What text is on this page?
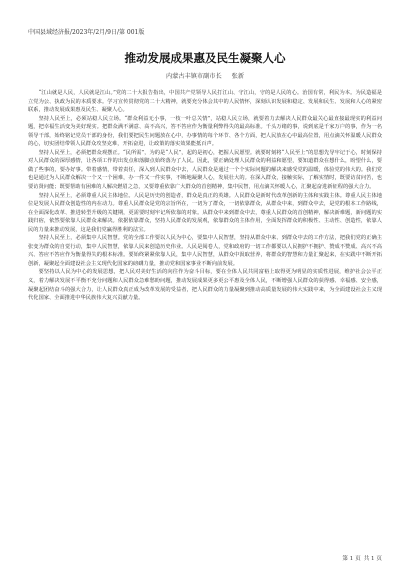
中国县域经济报/2023年/2月/9日/第 001版
推动发展成果惠及民生凝聚人心
内蒙古丰镇市副市长 张新

“江山就是人民，人民就是江山。”党的二十大报告指出，中国共产党领导人民打江山、守江山，守的是人民的心。治国有常，利民为本。为民造福是立党为公、执政为民的本质要求。学习宣传贯彻党的二十大精神，就要充分体会其中的人民情怀，深刻认识发展和稳定、发展和民生、发展和人心的紧密联系，推动发展成果惠及民生、凝聚人心。

坚持人民至上，必须站稳人民立场。“群众利益无小事，一枝一叶总关情”，站稳人民立场，就要着力去解决人民群众最关心最直接最现实的利益问题，把幸福生活变为美好现实。把群众满不满意、高不高兴，答不答应作为衡量利弊得失的最高标准。千头万绪的事，说到底是千家万户的事，作为一名领导干部，始终铭记党员干部的身份，我们要把民生问题放在心中，办事情的每个环节、各个方面，把人民放在心中最高位置，用点滴关怀温暖人民群众的心，切实团结带领人民群众攻坚克难，开拓奋进，让政策的落实效果能抵百声。

坚持人民至上，必须把群众观摆正。“民所需”，为的是“人民”，起的是初心，把握人民愿望。就要时刻将“人民至上”的思想先导牢记于心，时刻保持对人民群众的深厚感情，让各项工作的出发点和落脚点始终落为了人民。因此，要正确处理人民群众的利益和愿望，要知道群众在想什么，盼望什么，要做了些事的，要办好事。带着感情，带着责任，深入到人民群众中去，人民群众是通过一个个实际问题的解决来感受党的温暖，体验党的伟大的。我们党也是通过为人民群众解决一个又一个困难，办一件又一件实事，不断地凝聚人心，发展壮大的。在深入群众，接触实际，了解实情时，既要访贫问苦，也要访贤问能；既要帮助有困难的人解决燃眉之急，又要尊重依靠广大群众的首创精神，集中民智，用点滴关怀暖人心，汇聚起奋进新征程的强大合力。

坚持人民至上，必须尊重人民主体地位。人民是历史的创造者，群众是真正的英雄。人民群众是新时代改革创新的主体和实践主体。尊重人民主体地位是发展人民群众创造性的内在动力。尊重人民群众是党的宗旨所在，一切为了群众，一切依靠群众，从群众中来，到群众中去，是党的根本工作路线，在全面深化改革、推进转型升级的关键期，更需要时刻牢记所依靠的对象。从群众中来到群众中去，尊重人民群众的首创精神，解决新难题，新问题的实践归宿，依然要依靠人民群众来解决。依据依靠群众，坚持人民群众的发展观，依靠群众的主体作用，全面发挥群众的积极性、主动性、创造性，依靠人民的力量来推动发展，这是我们党赢得胜利的法宝。

坚持人民至上，必须集中人民智慧。党的全部工作要以人民为中心，要集中人民智慧，坚持从群众中来、到群众中去的工作方法，把我们党的正确主张变为群众的自觉行动，集中人民智慧，依靠人民来创造历史伟业。人民是阅卷人，党和政府的一切工作都要以人民拥护不拥护、赞成不赞成、高兴不高兴、答应不答应作为衡量得失的根本标准。要始终紧紧依靠人民，集中人民智慧，从群众中汲取营养，将群众的智慧和力量汇聚起来，在实践中不断开拓创新，凝聚起全面建设社会主义现代化国家的磅礴力量，推动党和国家事业不断向前发展。

要坚持以人民为中心的发展思想，把人民对美好生活的向往作为奋斗目标，要在全体人民共同富裕上取得更为明显的实质性进展，维护社会公平正义，着力解决发展不平衡不充分问题和人民群众急难愁盼问题，推动发展成果更多更公平惠及全体人民，不断增强人民群众的获得感、幸福感、安全感，凝聚起团结奋斗的强大合力，让人民群众真正成为改革发展的受益者，把人民群众的力量凝聚到推动高质量发展的伟大实践中来，为全面建设社会主义现代化国家、全面推进中华民族伟大复兴贡献力量。

第 1 页 共 1 页
